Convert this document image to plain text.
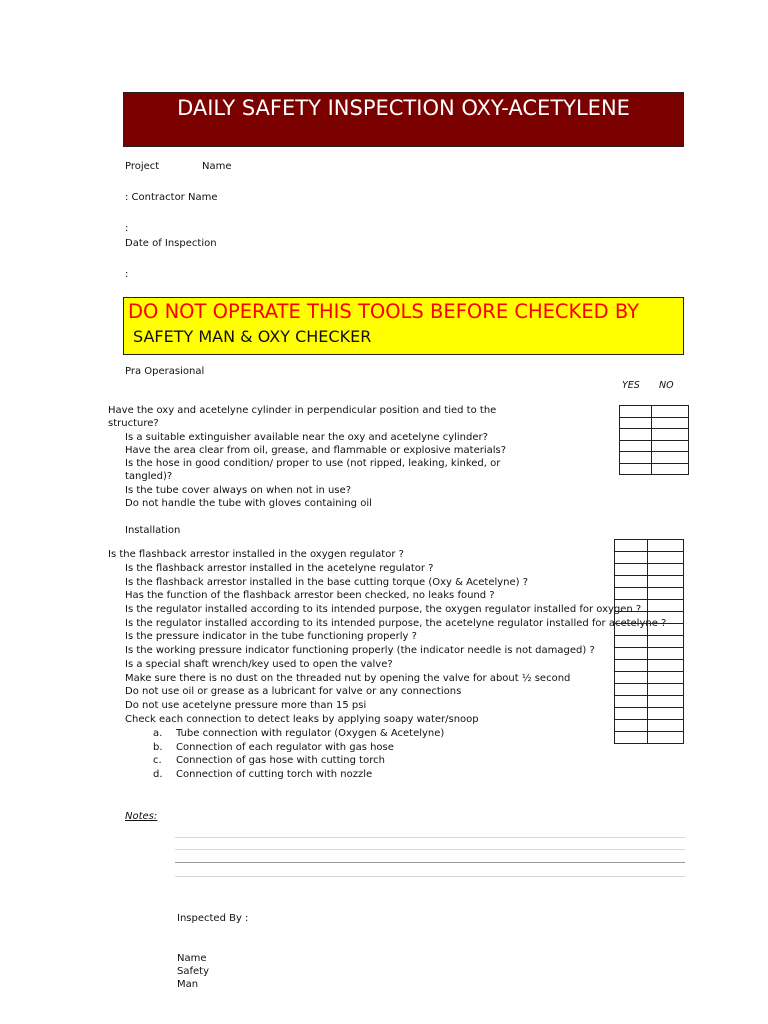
DAILY SAFETY INSPECTION OXY-ACETYLENE
Project	Name
: Contractor Name
:
Date of Inspection
:
DO NOT OPERATE THIS TOOLS BEFORE CHECKED BY
SAFETY MAN & OXY CHECKER
Pra Operasional
YES NO
Have the oxy and acetelyne cylinder in perpendicular position and tied to the
structure?
Is a suitable extinguisher available near the oxy and acetelyne cylinder?
Have the area clear from oil, grease, and flammable or explosive materials?
Is the hose in good condition/ proper to use (not ripped, leaking, kinked, or
tangled)?
Is the tube cover always on when not in use?
Do not handle the tube with gloves containing oil

Installation
Is the flashback arrestor installed in the oxygen regulator ?
Is the flashback arrestor installed in the acetelyne regulator ?
Is the flashback arrestor installed in the base cutting torque (Oxy & Acetelyne) ?
Has the function of the flashback arrestor been checked, no leaks found ?
Is the regulator installed according to its intended purpose, the oxygen regulator installed for oxygen ?
Is the regulator installed according to its intended purpose, the acetelyne regulator installed for acetelyne ?
Is the pressure indicator in the tube functioning properly ?
Is the working pressure indicator functioning properly (the indicator needle is not damaged) ?
Is a special shaft wrench/key used to open the valve?
Make sure there is no dust on the threaded nut by opening the valve for about ½ second
Do not use oil or grease as a lubricant for valve or any connections
Do not use acetelyne pressure more than 15 psi
Check each connection to detect leaks by applying soapy water/snoop
a. Tube connection with regulator (Oxygen & Acetelyne)
b. Connection of each regulator with gas hose
c. Connection of gas hose with cutting torch
d. Connection of cutting torch with nozzle

Notes:
Inspected By :
Name
Safety
Man
